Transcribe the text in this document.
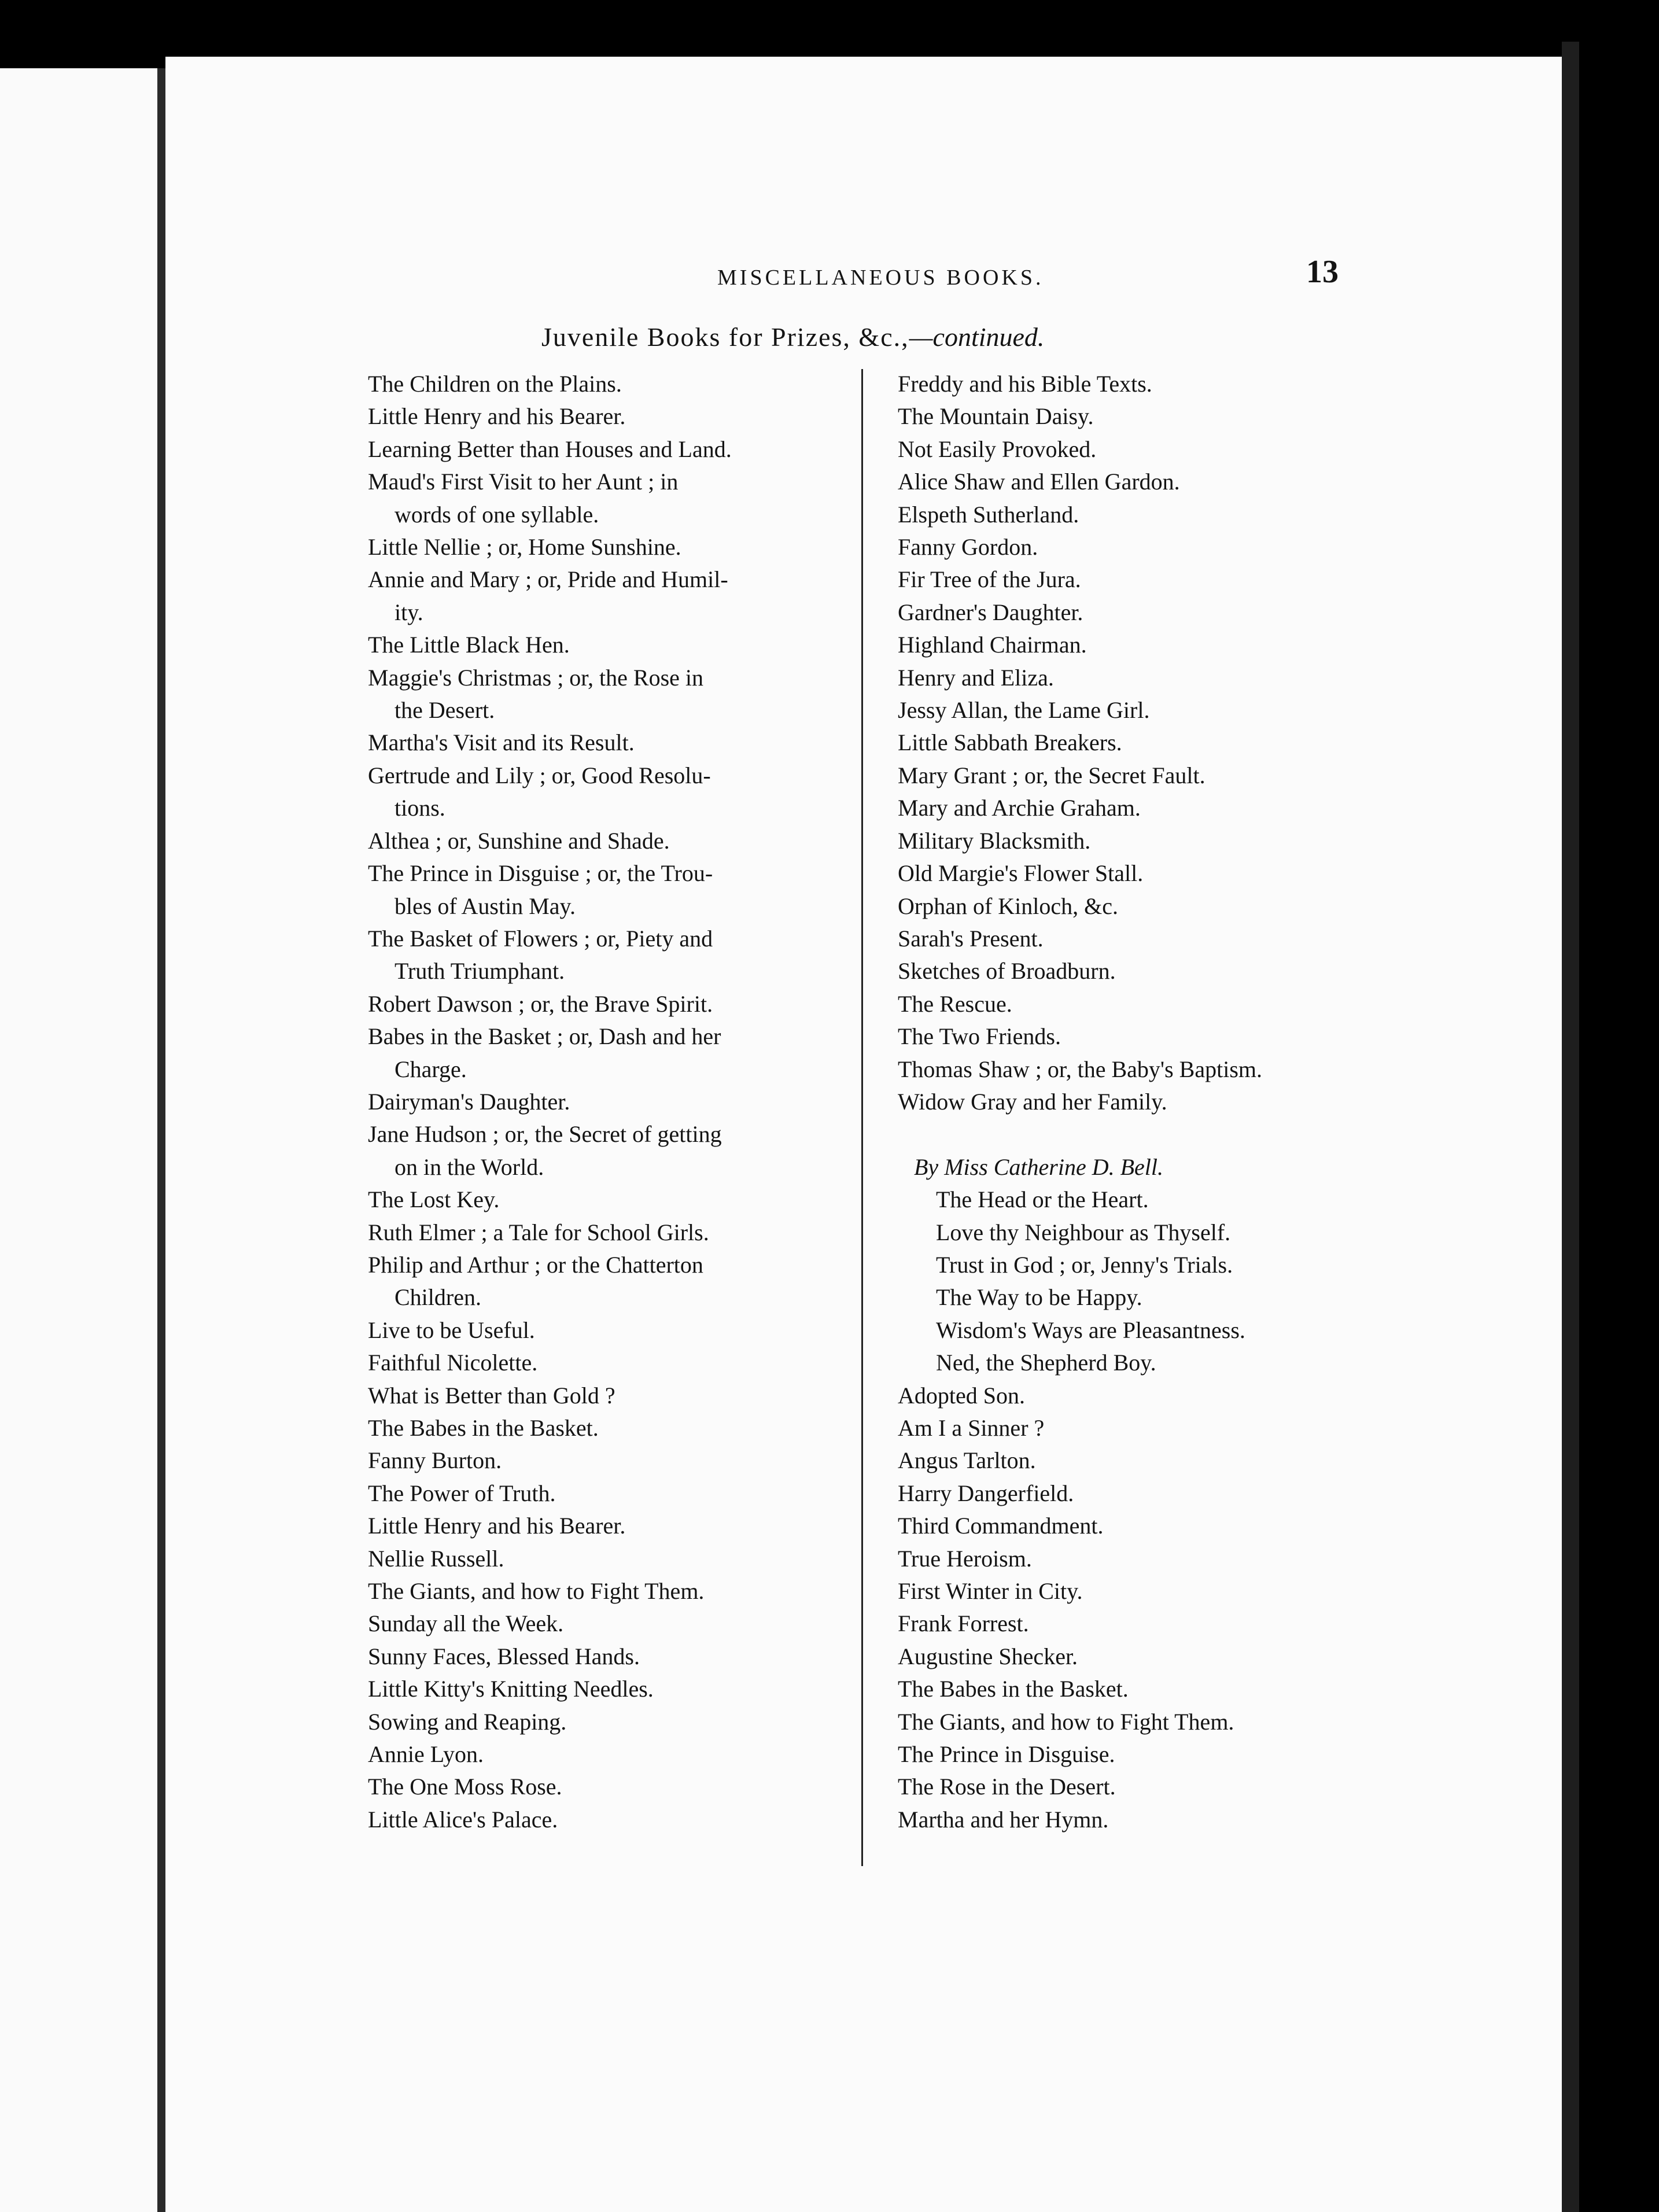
MISCELLANEOUS BOOKS.	13
Juvenile Books for Prizes, &c.,—continued.
The Children on the Plains.
Little Henry and his Bearer.
Learning Better than Houses and Land.
Maud's First Visit to her Aunt ; in
words of one syllable.
Little Nellie ; or, Home Sunshine.
Annie and Mary ; or, Pride and Humil-
ity.
The Little Black Hen.
Maggie's Christmas ; or, the Rose in
the Desert.
Martha's Visit and its Result.
Gertrude and Lily ; or, Good Resolu-
tions.
Althea ; or, Sunshine and Shade.
The Prince in Disguise ; or, the Trou-
bles of Austin May.
The Basket of Flowers ; or, Piety and
Truth Triumphant.
Robert Dawson ; or, the Brave Spirit.
Babes in the Basket ; or, Dash and her
Charge.
Dairyman's Daughter.
Jane Hudson ; or, the Secret of getting
on in the World.
The Lost Key.
Ruth Elmer ; a Tale for School Girls.
Philip and Arthur ; or the Chatterton
Children.
Live to be Useful.
Faithful Nicolette.
What is Better than Gold ?
The Babes in the Basket.
Fanny Burton.
The Power of Truth.
Little Henry and his Bearer.
Nellie Russell.
The Giants, and how to Fight Them.
Sunday all the Week.
Sunny Faces, Blessed Hands.
Little Kitty's Knitting Needles.
Sowing and Reaping.
Annie Lyon.
The One Moss Rose.
Little Alice's Palace.
Freddy and his Bible Texts.
The Mountain Daisy.
Not Easily Provoked.
Alice Shaw and Ellen Gardon.
Elspeth Sutherland.
Fanny Gordon.
Fir Tree of the Jura.
Gardner's Daughter.
Highland Chairman.
Henry and Eliza.
Jessy Allan, the Lame Girl.
Little Sabbath Breakers.
Mary Grant ; or, the Secret Fault.
Mary and Archie Graham.
Military Blacksmith.
Old Margie's Flower Stall.
Orphan of Kinloch, &c.
Sarah's Present.
Sketches of Broadburn.
The Rescue.
The Two Friends.
Thomas Shaw ; or, the Baby's Baptism.
Widow Gray and her Family.
By Miss Catherine D. Bell.
The Head or the Heart.
Love thy Neighbour as Thyself.
Trust in God ; or, Jenny's Trials.
The Way to be Happy.
Wisdom's Ways are Pleasantness.
Ned, the Shepherd Boy.
Adopted Son.
Am I a Sinner ?
Angus Tarlton.
Harry Dangerfield.
Third Commandment.
True Heroism.
First Winter in City.
Frank Forrest.
Augustine Shecker.
The Babes in the Basket.
The Giants, and how to Fight Them.
The Prince in Disguise.
The Rose in the Desert.
Martha and her Hymn.
